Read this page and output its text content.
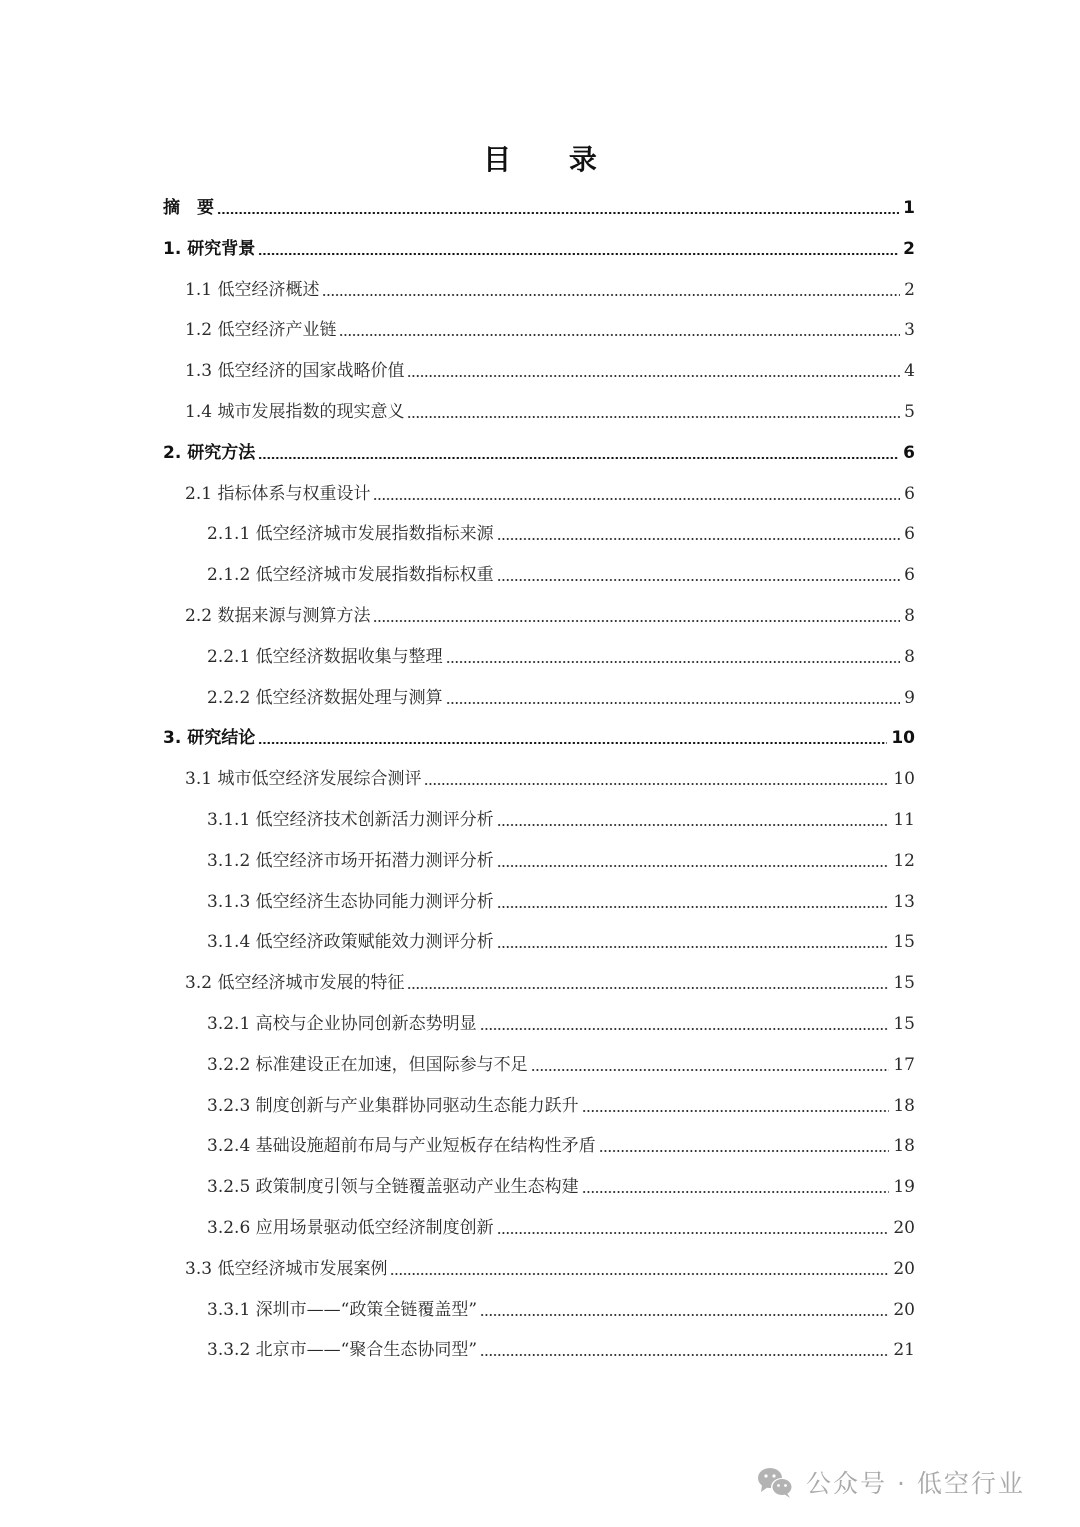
目 录
摘　要	1
1. 研究背景	2
1.1 低空经济概述	2
1.2 低空经济产业链	3
1.3 低空经济的国家战略价值	4
1.4 城市发展指数的现实意义	5
2. 研究方法	6
2.1 指标体系与权重设计	6
2.1.1 低空经济城市发展指数指标来源	6
2.1.2 低空经济城市发展指数指标权重	6
2.2 数据来源与测算方法	8
2.2.1 低空经济数据收集与整理	8
2.2.2 低空经济数据处理与测算	9
3. 研究结论	10
3.1 城市低空经济发展综合测评	10
3.1.1 低空经济技术创新活力测评分析	11
3.1.2 低空经济市场开拓潜力测评分析	12
3.1.3 低空经济生态协同能力测评分析	13
3.1.4 低空经济政策赋能效力测评分析	15
3.2 低空经济城市发展的特征	15
3.2.1 高校与企业协同创新态势明显	15
3.2.2 标准建设正在加速，但国际参与不足	17
3.2.3 制度创新与产业集群协同驱动生态能力跃升	18
3.2.4 基础设施超前布局与产业短板存在结构性矛盾	18
3.2.5 政策制度引领与全链覆盖驱动产业生态构建	19
3.2.6 应用场景驱动低空经济制度创新	20
3.3 低空经济城市发展案例	20
3.3.1 深圳市——“政策全链覆盖型”	20
3.3.2 北京市——“聚合生态协同型”	21
公众号 · 低空行业
